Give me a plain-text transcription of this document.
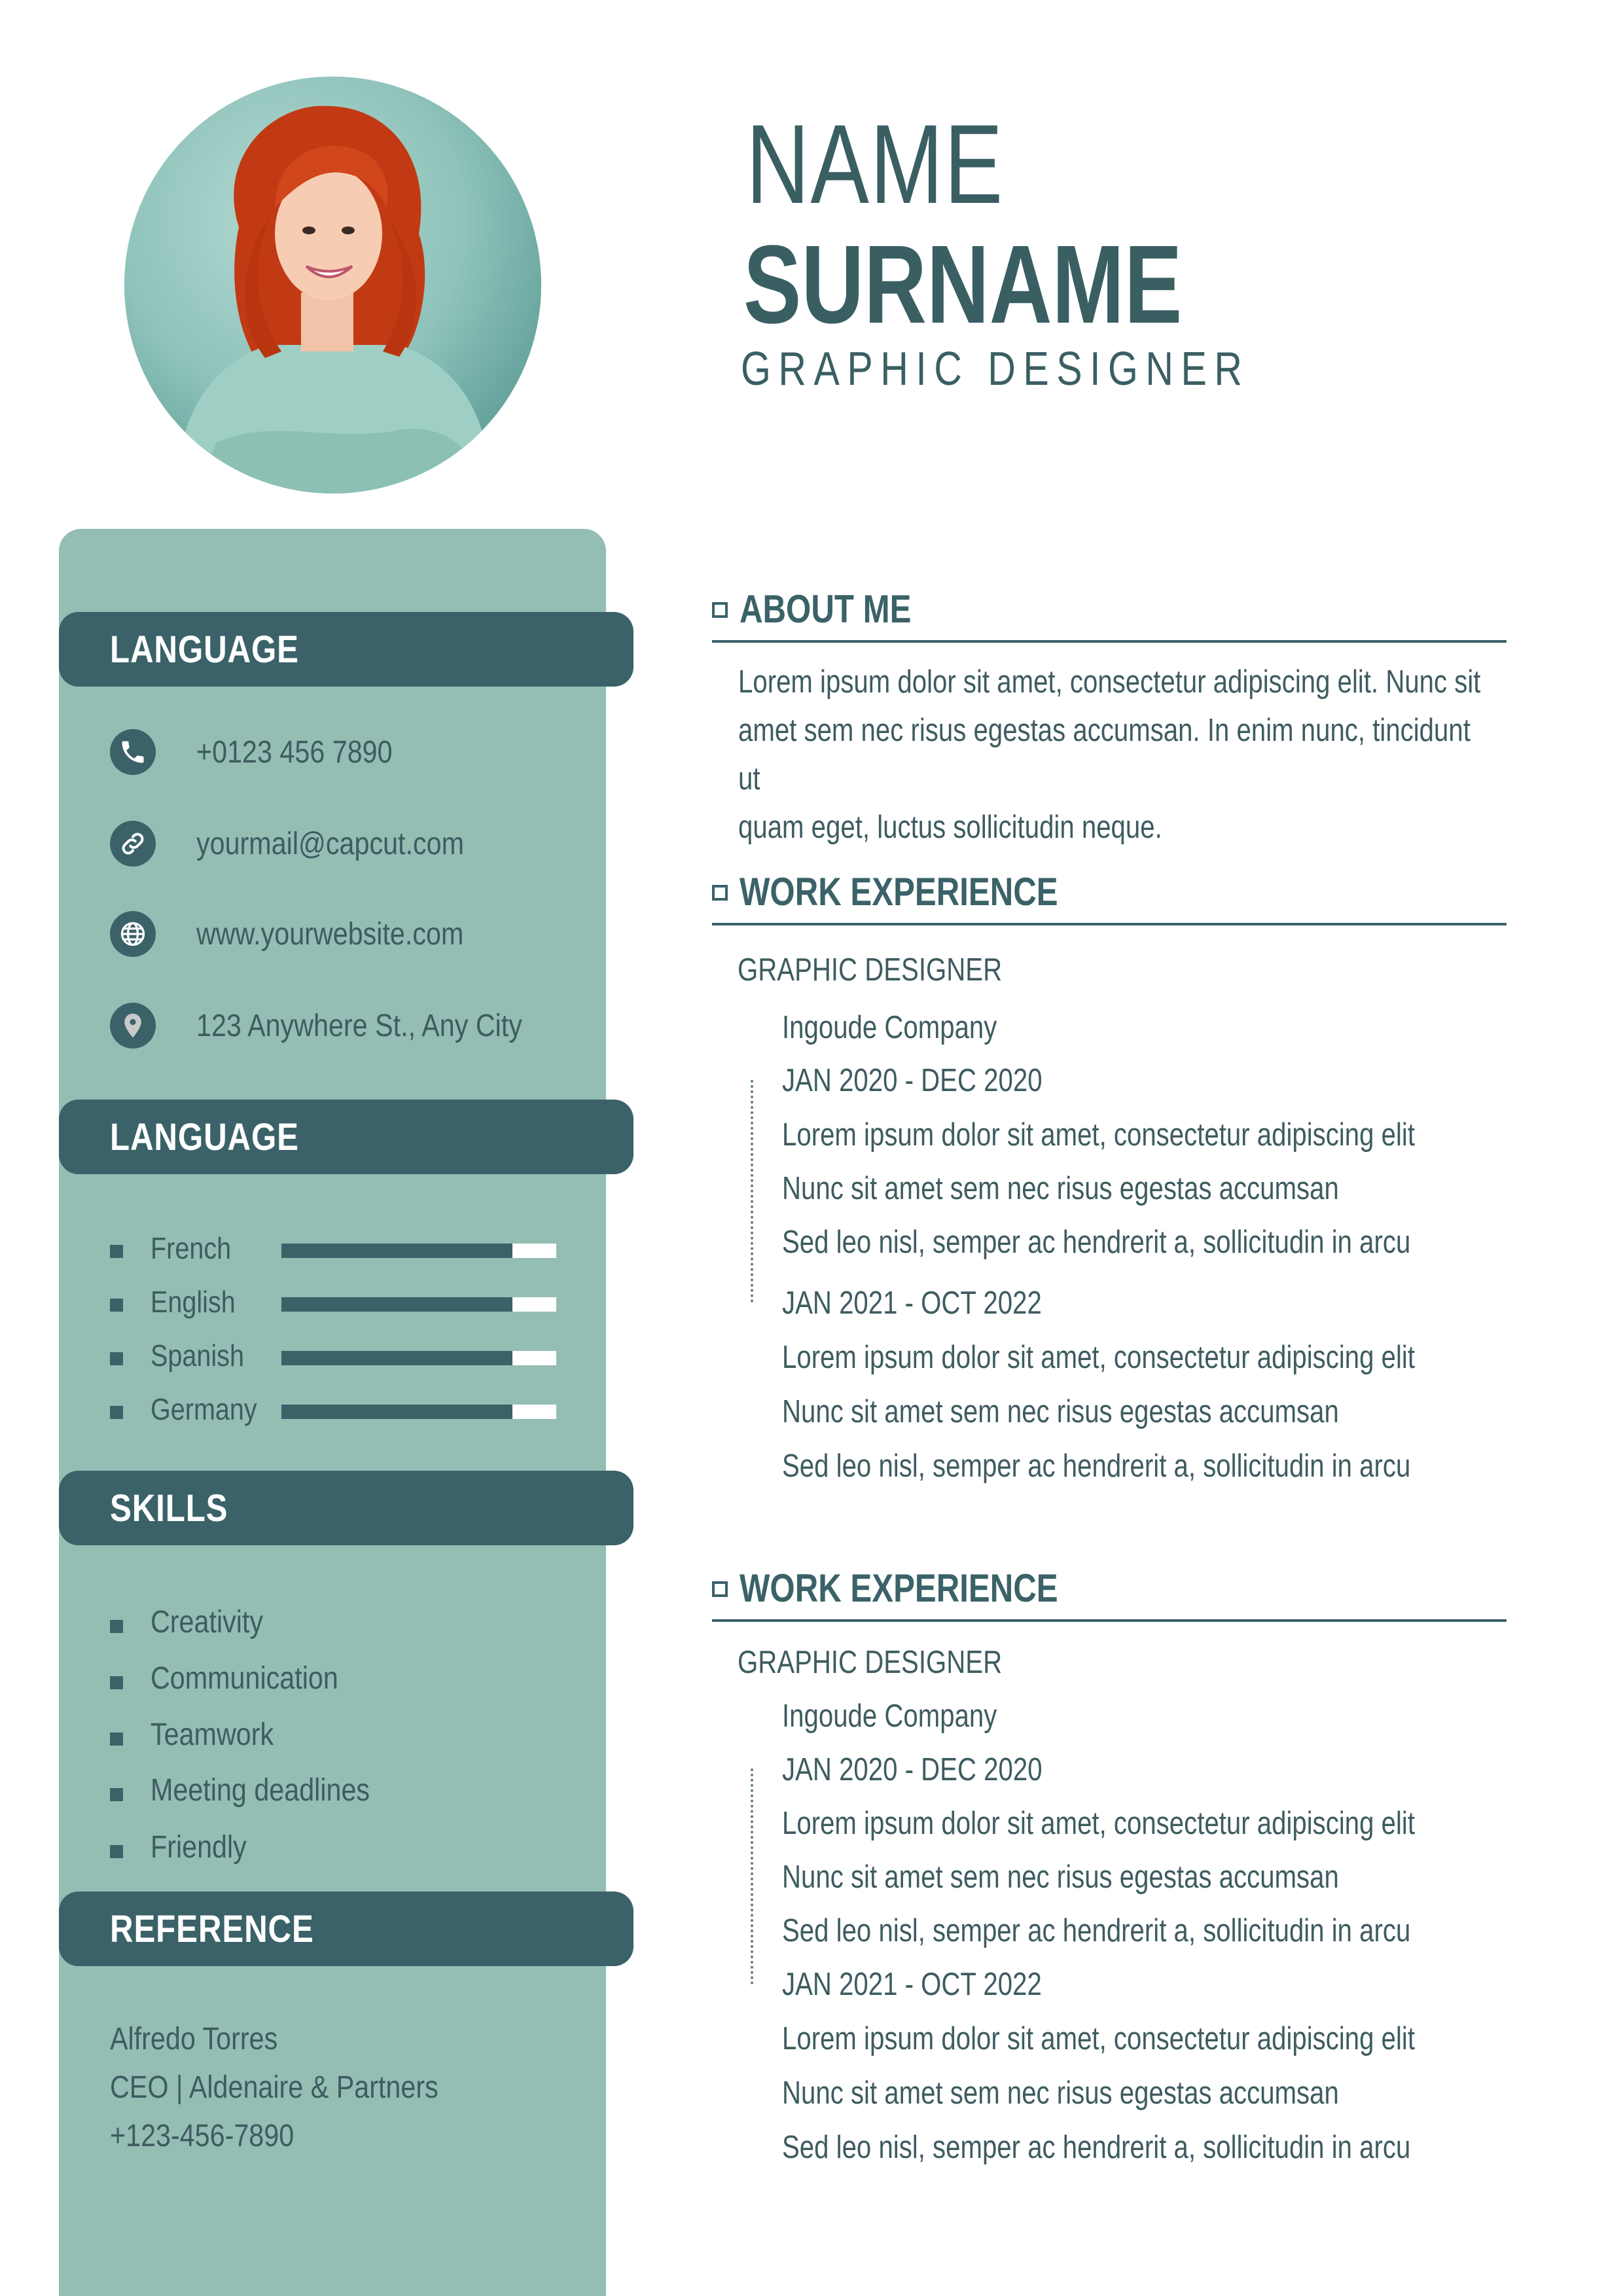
NAME
SURNAME
GRAPHIC DESIGNER
LANGUAGE
+0123 456 7890
yourmail@capcut.com
www.yourwebsite.com
123 Anywhere St., Any City
LANGUAGE
French
English
Spanish
Germany
SKILLS
Creativity
Communication
Teamwork
Meeting deadlines
Friendly
REFERENCE
Alfredo Torres
CEO | Aldenaire & Partners
+123-456-7890
ABOUT ME
Lorem ipsum dolor sit amet, consectetur adipiscing elit. Nunc sit
amet sem nec risus egestas accumsan. In enim nunc, tincidunt ut
quam eget, luctus sollicitudin neque.
WORK EXPERIENCE
GRAPHIC DESIGNER
Ingoude Company
JAN 2020 - DEC 2020
Lorem ipsum dolor sit amet, consectetur adipiscing elit
Nunc sit amet sem nec risus egestas accumsan
Sed leo nisl, semper ac hendrerit a, sollicitudin in arcu
JAN 2021 - OCT 2022
Lorem ipsum dolor sit amet, consectetur adipiscing elit
Nunc sit amet sem nec risus egestas accumsan
Sed leo nisl, semper ac hendrerit a, sollicitudin in arcu
WORK EXPERIENCE
GRAPHIC DESIGNER
Ingoude Company
JAN 2020 - DEC 2020
Lorem ipsum dolor sit amet, consectetur adipiscing elit
Nunc sit amet sem nec risus egestas accumsan
Sed leo nisl, semper ac hendrerit a, sollicitudin in arcu
JAN 2021 - OCT 2022
Lorem ipsum dolor sit amet, consectetur adipiscing elit
Nunc sit amet sem nec risus egestas accumsan
Sed leo nisl, semper ac hendrerit a, sollicitudin in arcu
